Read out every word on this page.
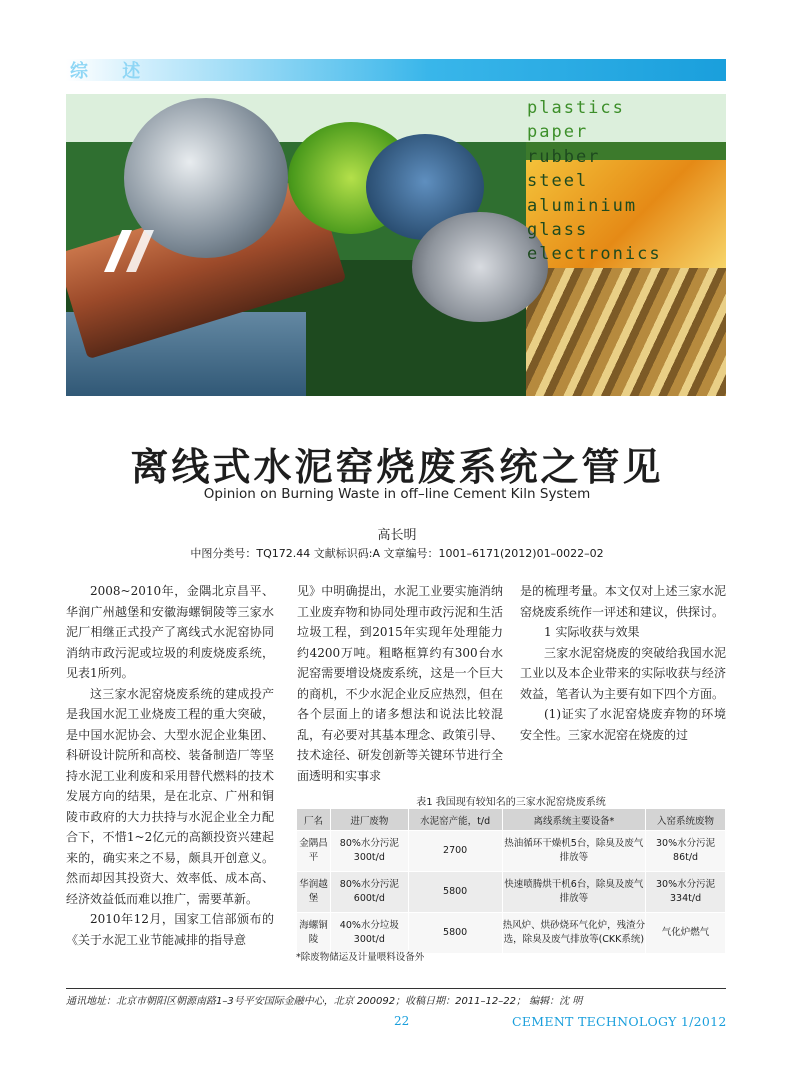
综 述
plastics
paper
rubber
steel
aluminium
glass
electronics
离线式水泥窑烧废系统之管见
Opinion on Burning Waste in off–line Cement Kiln System
高长明
中图分类号：TQ172.44 文献标识码:A 文章编号：1001–6171(2012)01–0022–02

2008~2010年，金隅北京昌平、华润广州越堡和安徽海螺铜陵等三家水泥厂相继正式投产了离线式水泥窑协同消纳市政污泥或垃圾的利废烧废系统，见表1所列。

这三家水泥窑烧废系统的建成投产是我国水泥工业烧废工程的重大突破，是中国水泥协会、大型水泥企业集团、科研设计院所和高校、装备制造厂等坚持水泥工业利废和采用替代燃料的技术发展方向的结果，是在北京、广州和铜陵市政府的大力扶持与水泥企业全力配合下，不惜1~2亿元的高额投资兴建起来的，确实来之不易，颇具开创意义。然而却因其投资大、效率低、成本高、经济效益低而难以推广，需要革新。

2010年12月，国家工信部颁布的《关于水泥工业节能减排的指导意

见》中明确提出，水泥工业要实施消纳工业废弃物和协同处理市政污泥和生活垃圾工程，到2015年实现年处理能力约4200万吨。粗略框算约有300台水泥窑需要增设烧废系统，这是一个巨大的商机，不少水泥企业反应热烈，但在各个层面上的诸多想法和说法比较混乱，有必要对其基本理念、政策引导、技术途径、研发创新等关键环节进行全面透明和实事求

是的梳理考量。本文仅对上述三家水泥窑烧废系统作一评述和建议，供探讨。

1 实际收获与效果

三家水泥窑烧废的突破给我国水泥工业以及本企业带来的实际收获与经济效益，笔者认为主要有如下四个方面。

(1)证实了水泥窑烧废弃物的环境安全性。三家水泥窑在烧废的过

表1 我国现有较知名的三家水泥窑烧废系统
厂名	进厂废物	水泥窑产能，t/d	离线系统主要设备*	入窑系统废物
金隅昌平	80%水分污泥 300t/d	2700	热油循环干燥机5台，除臭及废气排放等	30%水分污泥 86t/d
华润越堡	80%水分污泥 600t/d	5800	快速喷腾烘干机6台，除臭及废气排放等	30%水分污泥 334t/d
海螺铜陵	40%水分垃圾 300t/d	5800	热风炉、烘砂烧环气化炉，残渣分选，除臭及废气排放等(CKK系统)	气化炉燃气
*除废物储运及计量喂料设备外
通讯地址：北京市朝阳区朝源南路1–3号平安国际金融中心，北京 200092；收稿日期：2011–12–22； 编辑：沈 明
22	CEMENT TECHNOLOGY 1/2012
